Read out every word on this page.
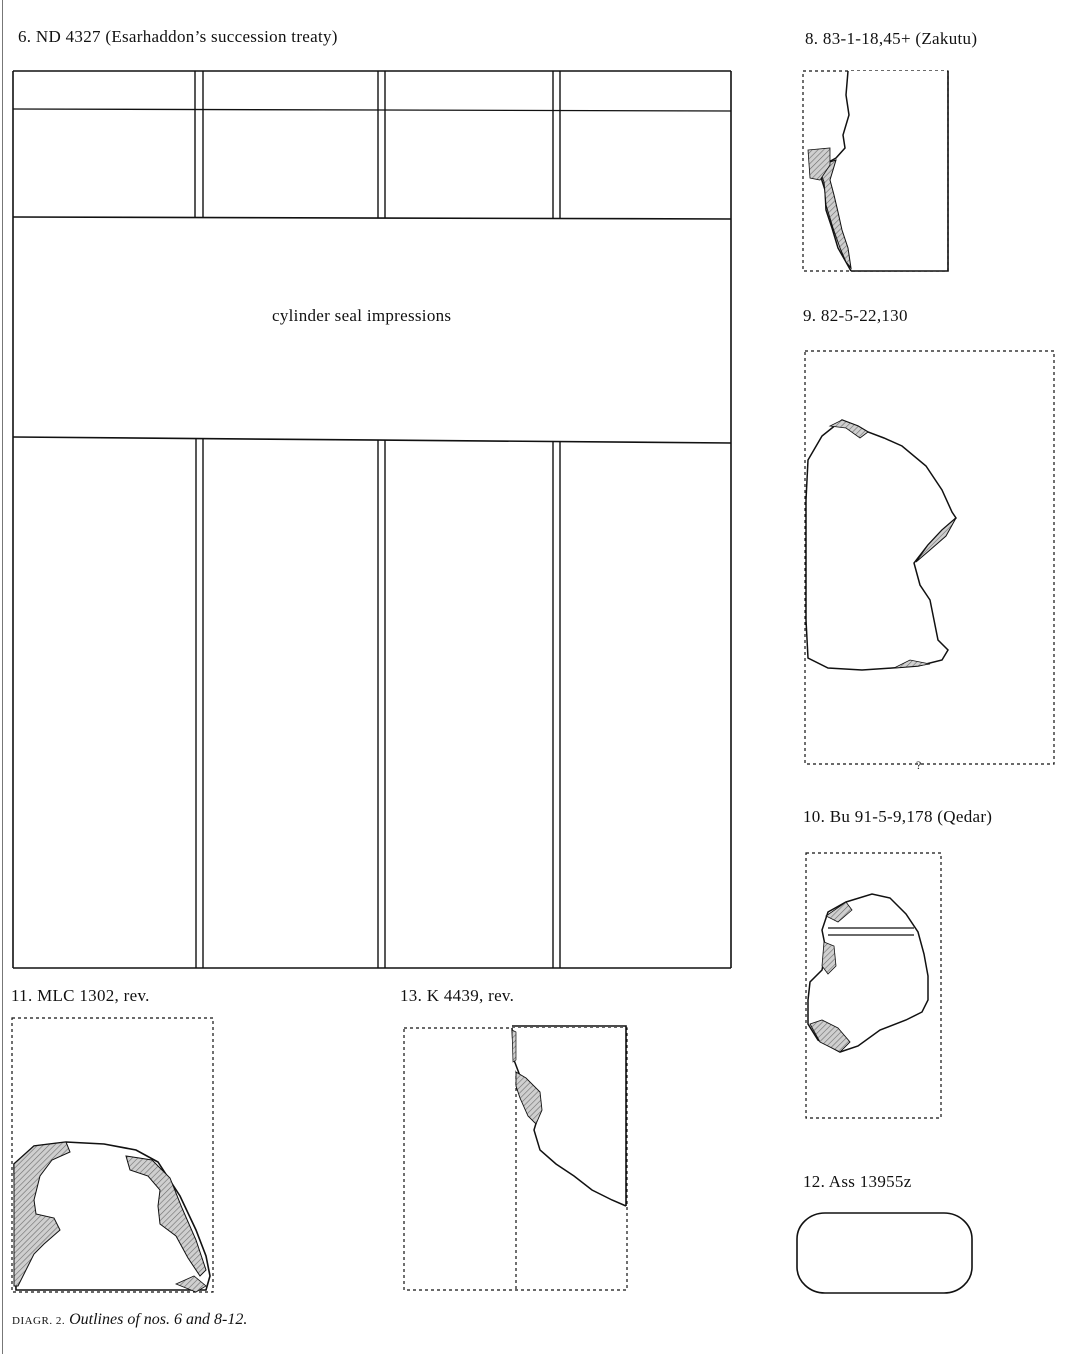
6. ND 4327 (Esarhaddon’s succession treaty)	8. 83-1-18,45+ (Zakutu)
9. 82-5-22,130
10. Bu 91-5-9,178 (Qedar)
11. MLC 1302, rev.	13. K 4439, rev.
12. Ass 13955z
cylinder seal impressions
?
DIAGR. 2. Outlines of nos. 6 and 8-12.
